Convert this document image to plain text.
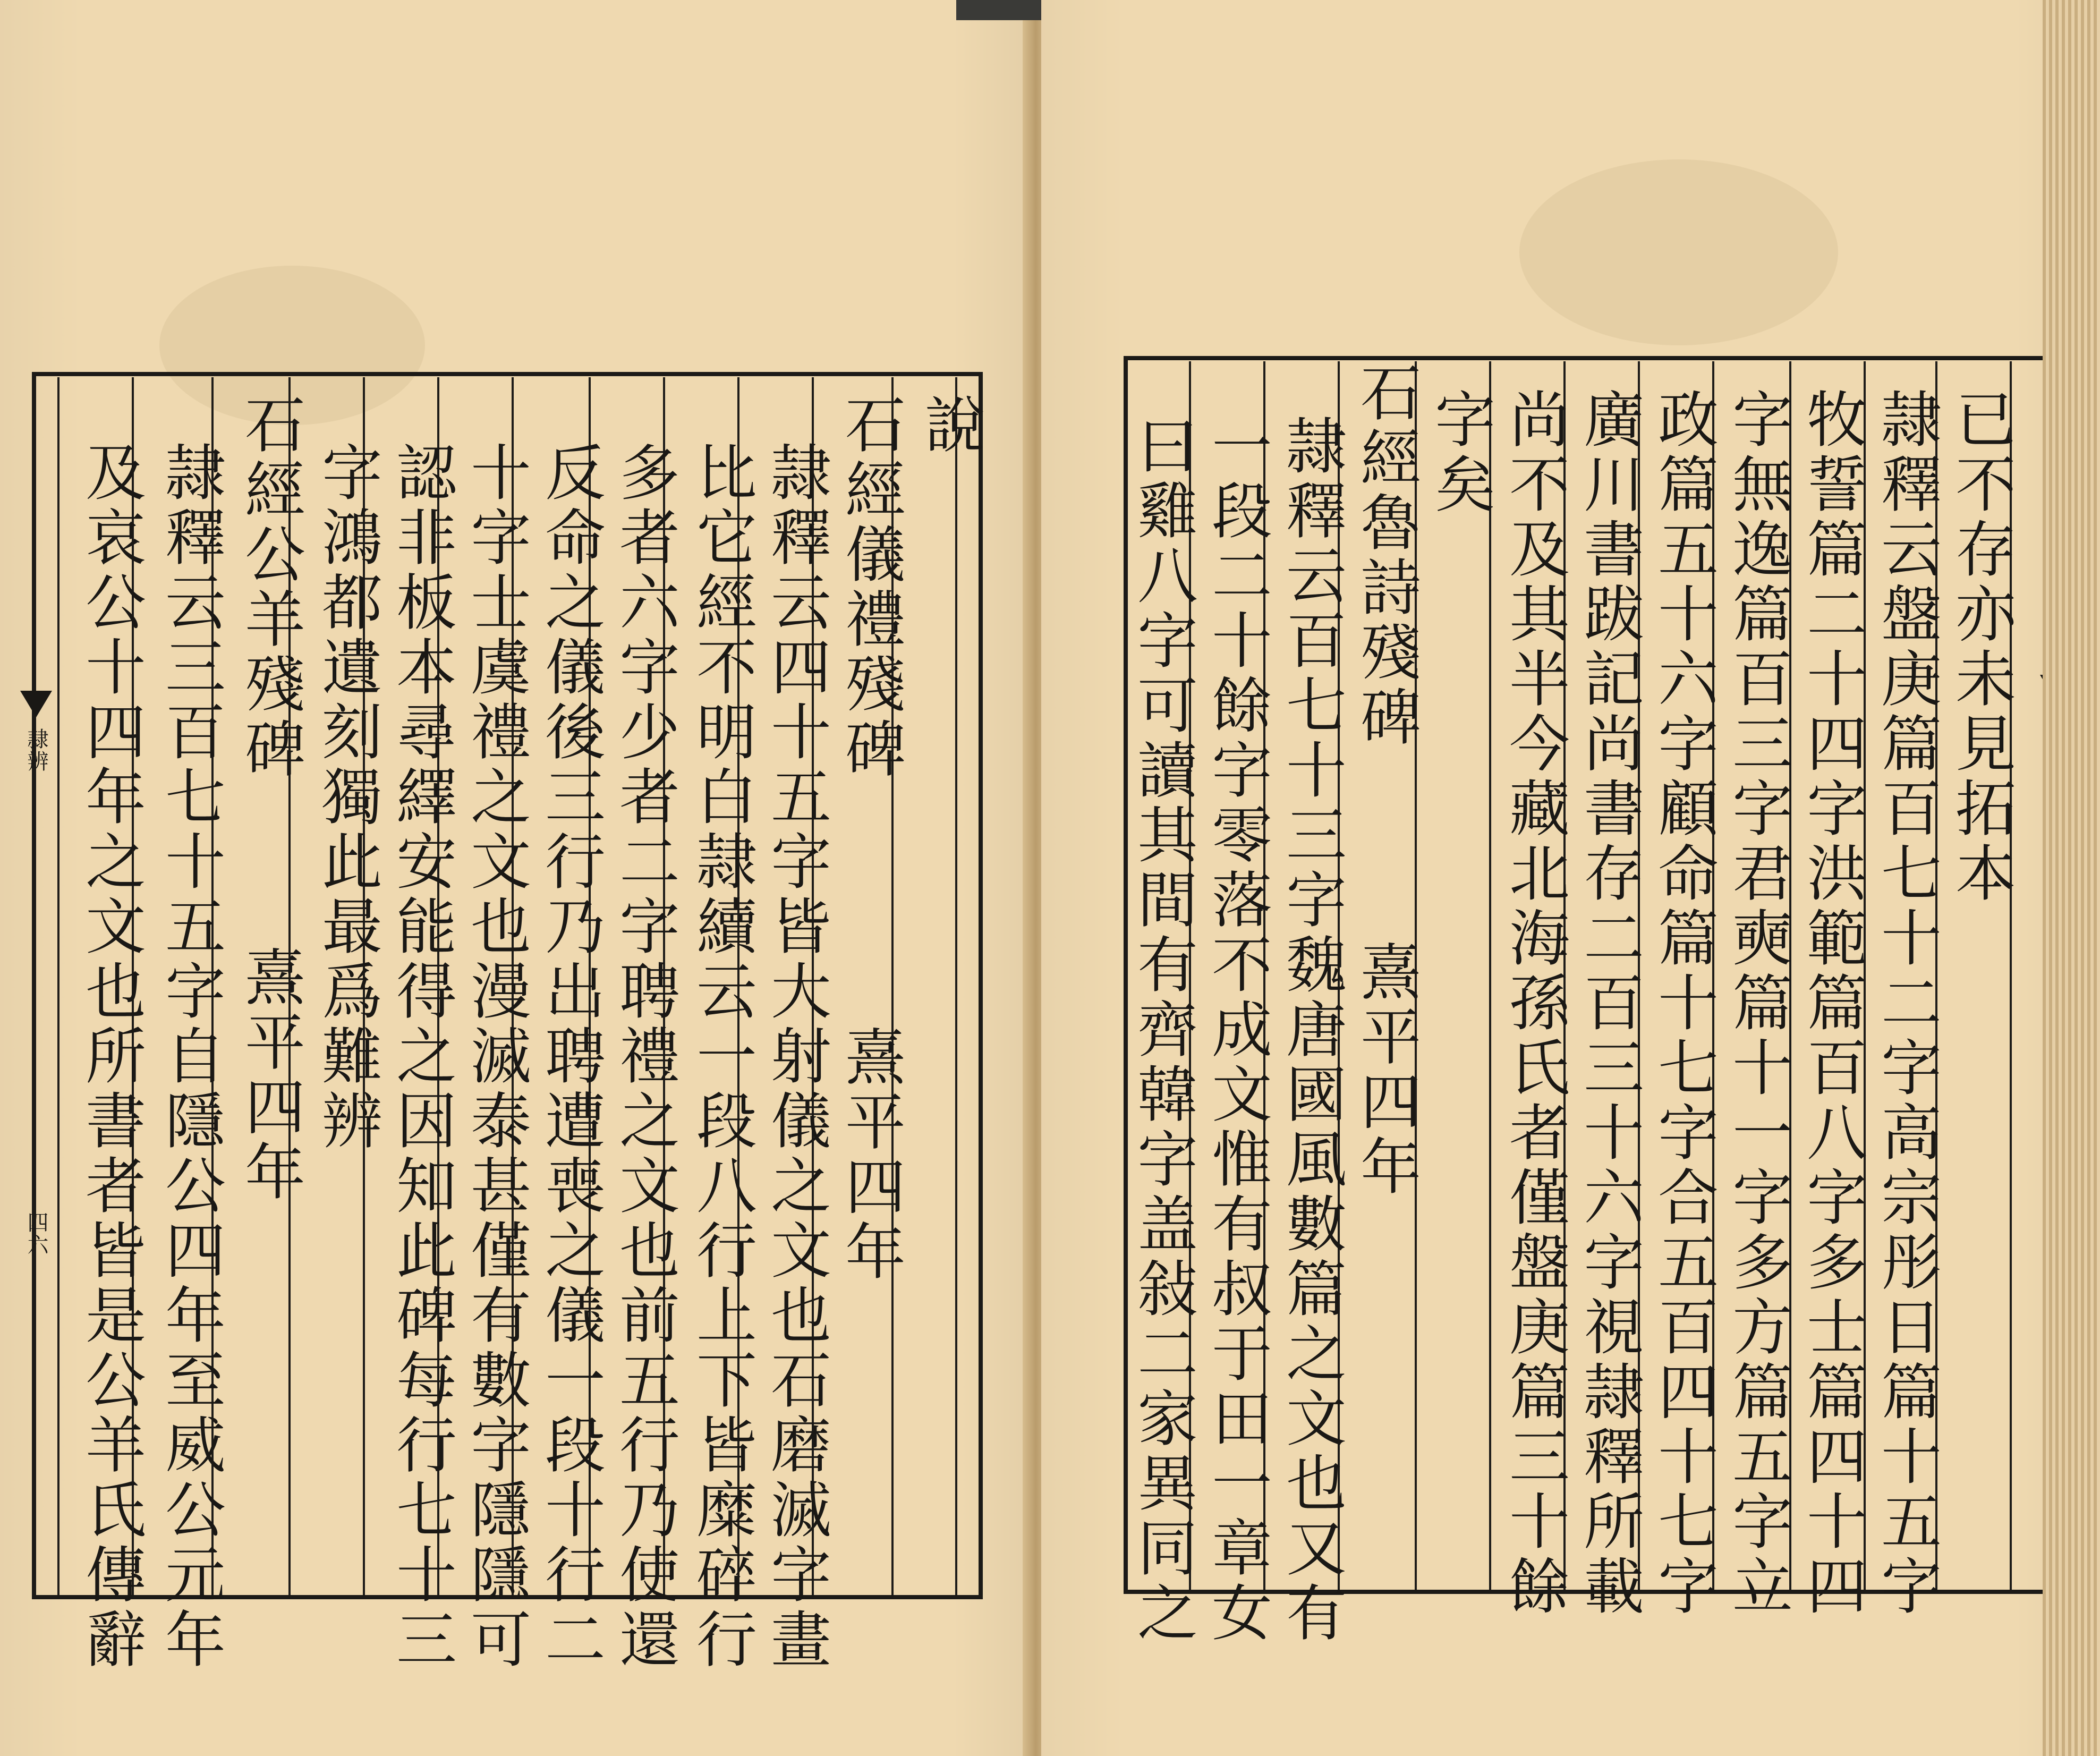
隷辨
四六
說
石經儀禮殘碑
熹平四年
隷釋云四十五字皆大射儀之文也石磨滅字畫
比它經不明白隷續云一段八行上下皆糜碎行
多者六字少者二字聘禮之文也前五行乃使還
反命之儀後三行乃出聘遭喪之儀一段十行二
十字士虞禮之文也漫滅泰甚僅有數字隱隱可
認非板本尋繹安能得之因知此碑每行七十三
字鴻都遺刻獨此最爲難辨
石經公羊殘碑
熹平四年
隷釋云三百七十五字自隱公四年至威公元年
及哀公十四年之文也所書者皆是公羊氏傳辭	已不存亦未見拓本
隷釋云盤庚篇百七十二字高宗彤日篇十五字
牧誓篇二十四字洪範篇百八字多士篇四十四
字無逸篇百三字君奭篇十一字多方篇五字立
政篇五十六字顧命篇十七字合五百四十七字
廣川書跋記尚書存二百三十六字視隷釋所載
尚不及其半今藏北海孫氏者僅盤庚篇三十餘
字矣
石經魯詩殘碑
熹平四年
隷釋云百七十三字魏唐國風數篇之文也又有
一段二十餘字零落不成文惟有叔于田一章女
曰雞八字可讀其間有齊韓字盖敍二家異同之
